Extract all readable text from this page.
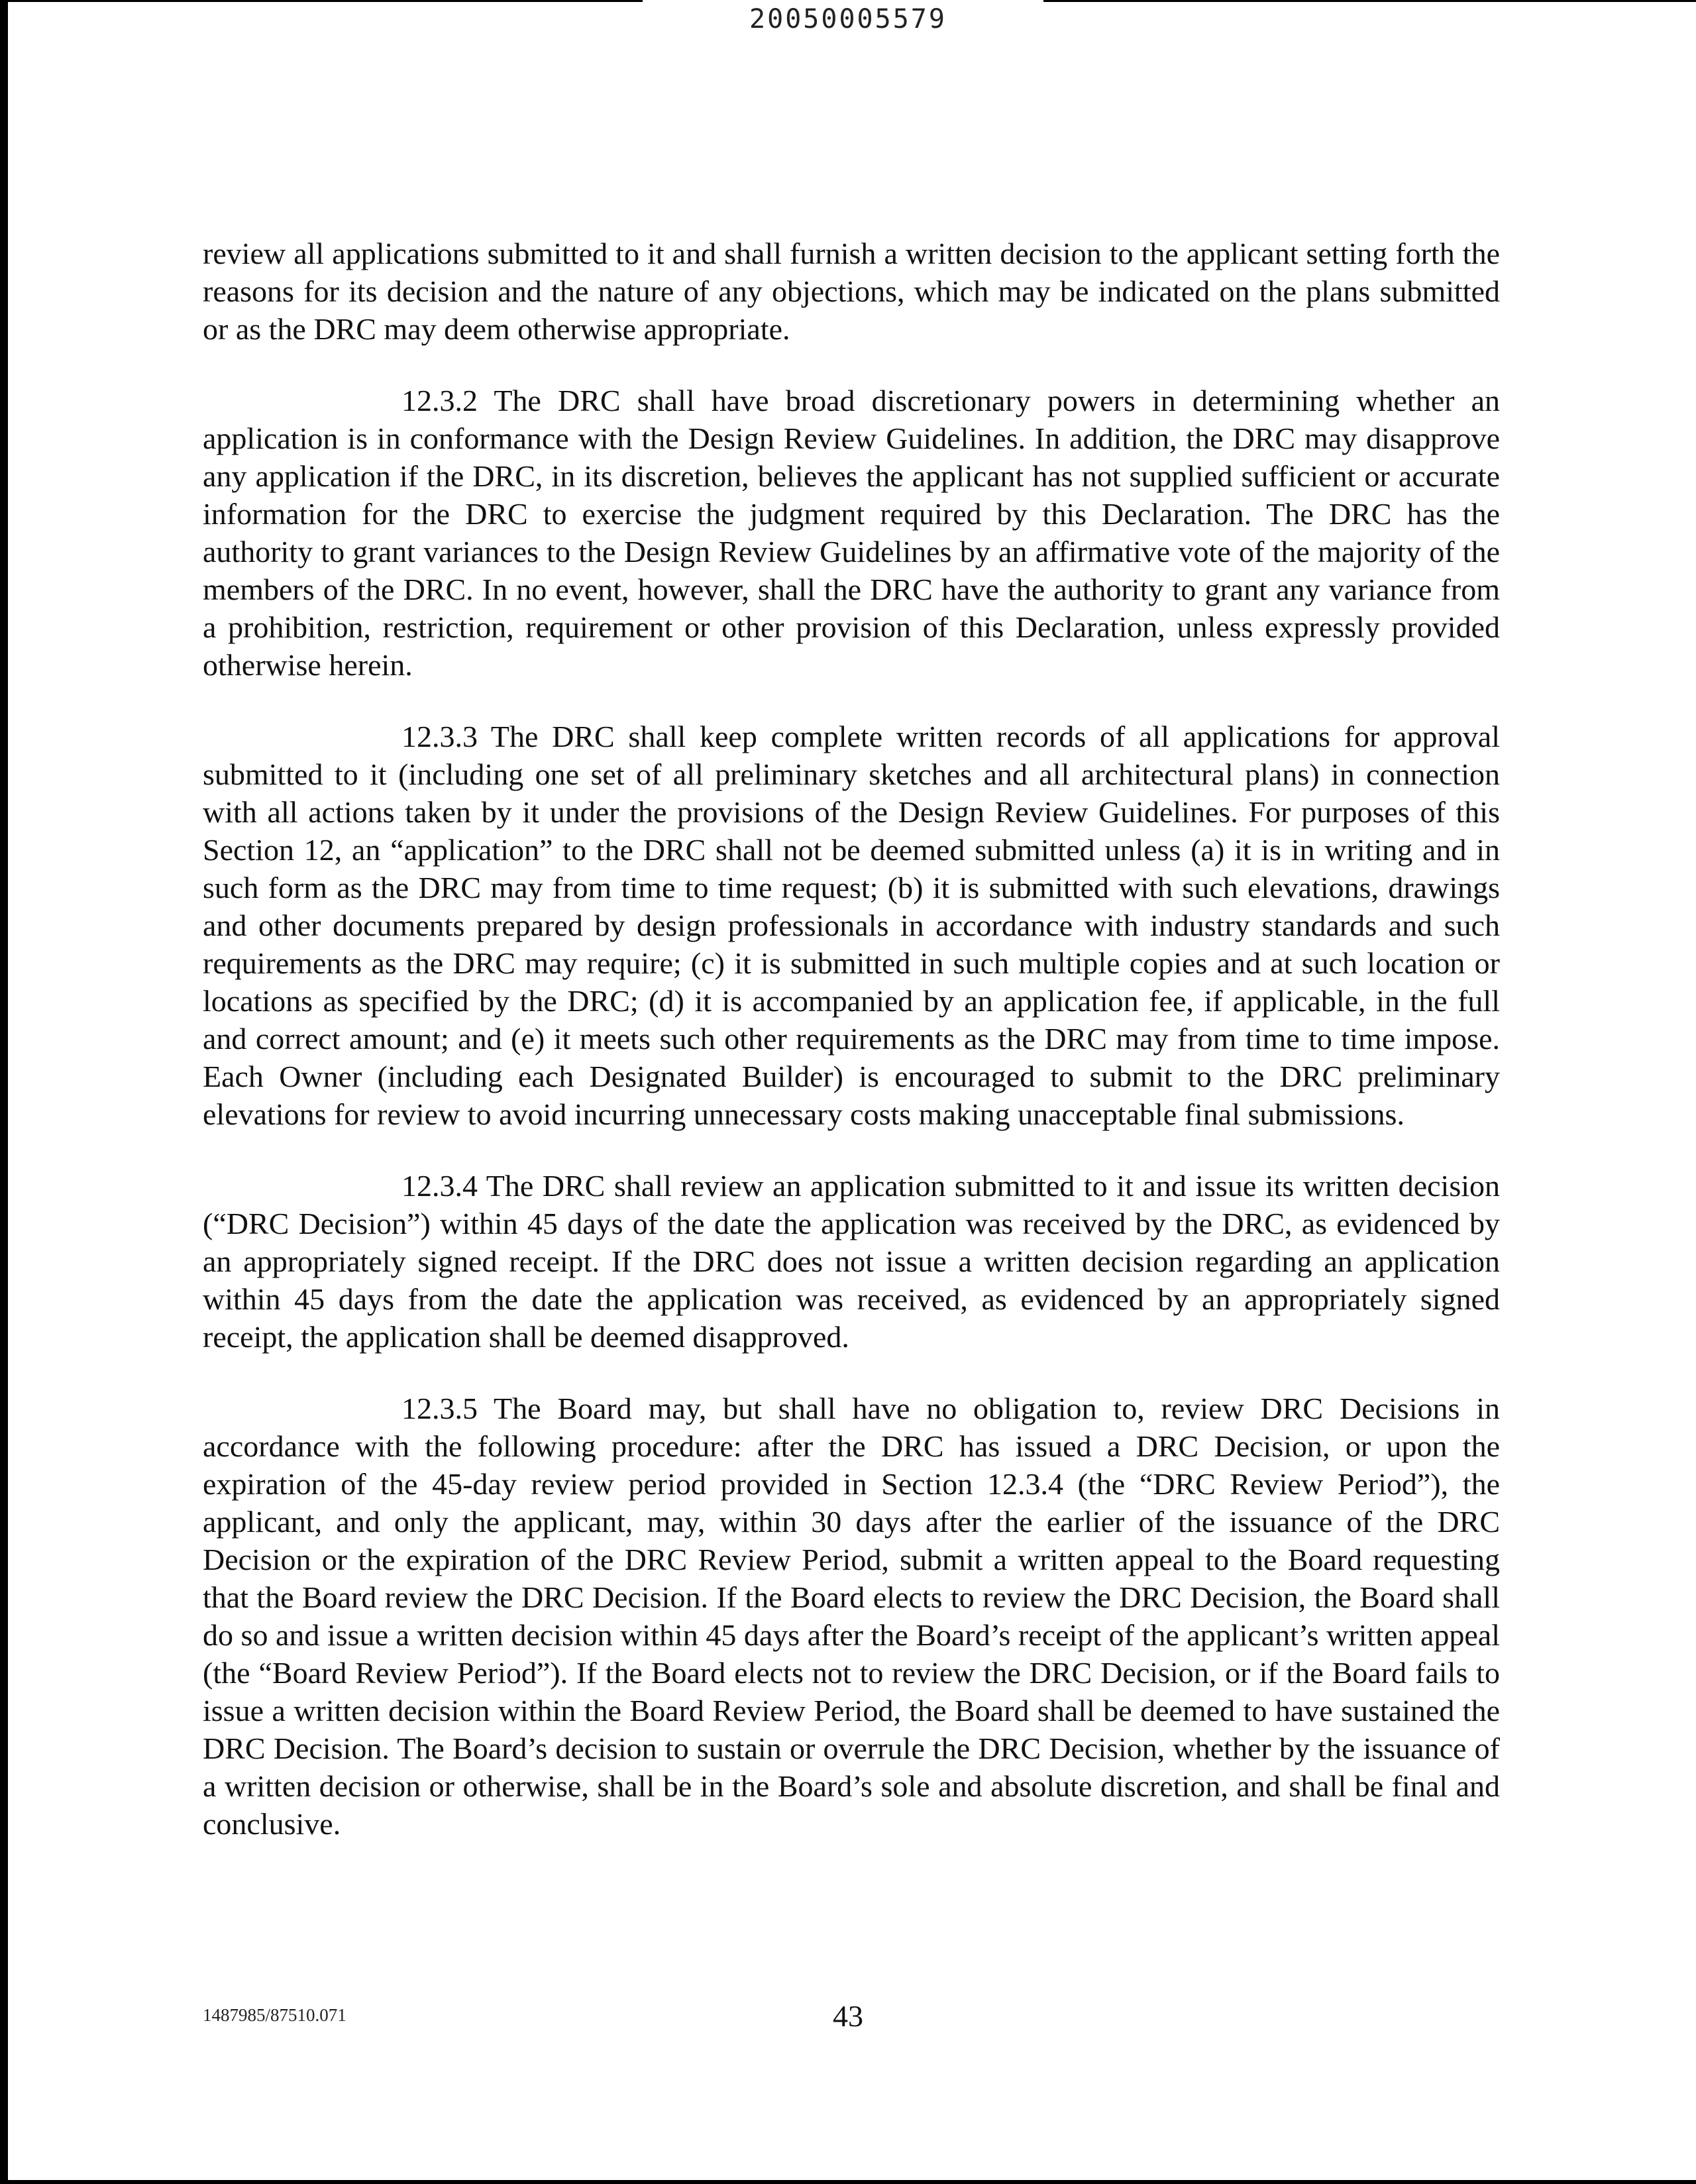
20050005579

review all applications submitted to it and shall furnish a written decision to the applicant setting forth the reasons for its decision and the nature of any objections, which may be indicated on the plans submitted or as the DRC may deem otherwise appropriate.

12.3.2 The DRC shall have broad discretionary powers in determining whether an application is in conformance with the Design Review Guidelines. In addition, the DRC may disapprove any application if the DRC, in its discretion, believes the applicant has not supplied sufficient or accurate information for the DRC to exercise the judgment required by this Declaration. The DRC has the authority to grant variances to the Design Review Guidelines by an affirmative vote of the majority of the members of the DRC. In no event, however, shall the DRC have the authority to grant any variance from a prohibition, restriction, requirement or other provision of this Declaration, unless expressly provided otherwise herein.

12.3.3 The DRC shall keep complete written records of all applications for approval submitted to it (including one set of all preliminary sketches and all architectural plans) in connection with all actions taken by it under the provisions of the Design Review Guidelines. For purposes of this Section 12, an “application” to the DRC shall not be deemed submitted unless (a) it is in writing and in such form as the DRC may from time to time request; (b) it is submitted with such elevations, drawings and other documents prepared by design professionals in accordance with industry standards and such requirements as the DRC may require; (c) it is submitted in such multiple copies and at such location or locations as specified by the DRC; (d) it is accompanied by an application fee, if applicable, in the full and correct amount; and (e) it meets such other requirements as the DRC may from time to time impose. Each Owner (including each Designated Builder) is encouraged to submit to the DRC preliminary elevations for review to avoid incurring unnecessary costs making unacceptable final submissions.

12.3.4 The DRC shall review an application submitted to it and issue its written decision (“DRC Decision”) within 45 days of the date the application was received by the DRC, as evidenced by an appropriately signed receipt. If the DRC does not issue a written decision regarding an application within 45 days from the date the application was received, as evidenced by an appropriately signed receipt, the application shall be deemed disapproved.

12.3.5 The Board may, but shall have no obligation to, review DRC Decisions in accordance with the following procedure: after the DRC has issued a DRC Decision, or upon the expiration of the 45-day review period provided in Section 12.3.4 (the “DRC Review Period”), the applicant, and only the applicant, may, within 30 days after the earlier of the issuance of the DRC Decision or the expiration of the DRC Review Period, submit a written appeal to the Board requesting that the Board review the DRC Decision. If the Board elects to review the DRC Decision, the Board shall do so and issue a written decision within 45 days after the Board’s receipt of the applicant’s written appeal (the “Board Review Period”). If the Board elects not to review the DRC Decision, or if the Board fails to issue a written decision within the Board Review Period, the Board shall be deemed to have sustained the DRC Decision. The Board’s decision to sustain or overrule the DRC Decision, whether by the issuance of a written decision or otherwise, shall be in the Board’s sole and absolute discretion, and shall be final and conclusive.

1487985/87510.071	43
